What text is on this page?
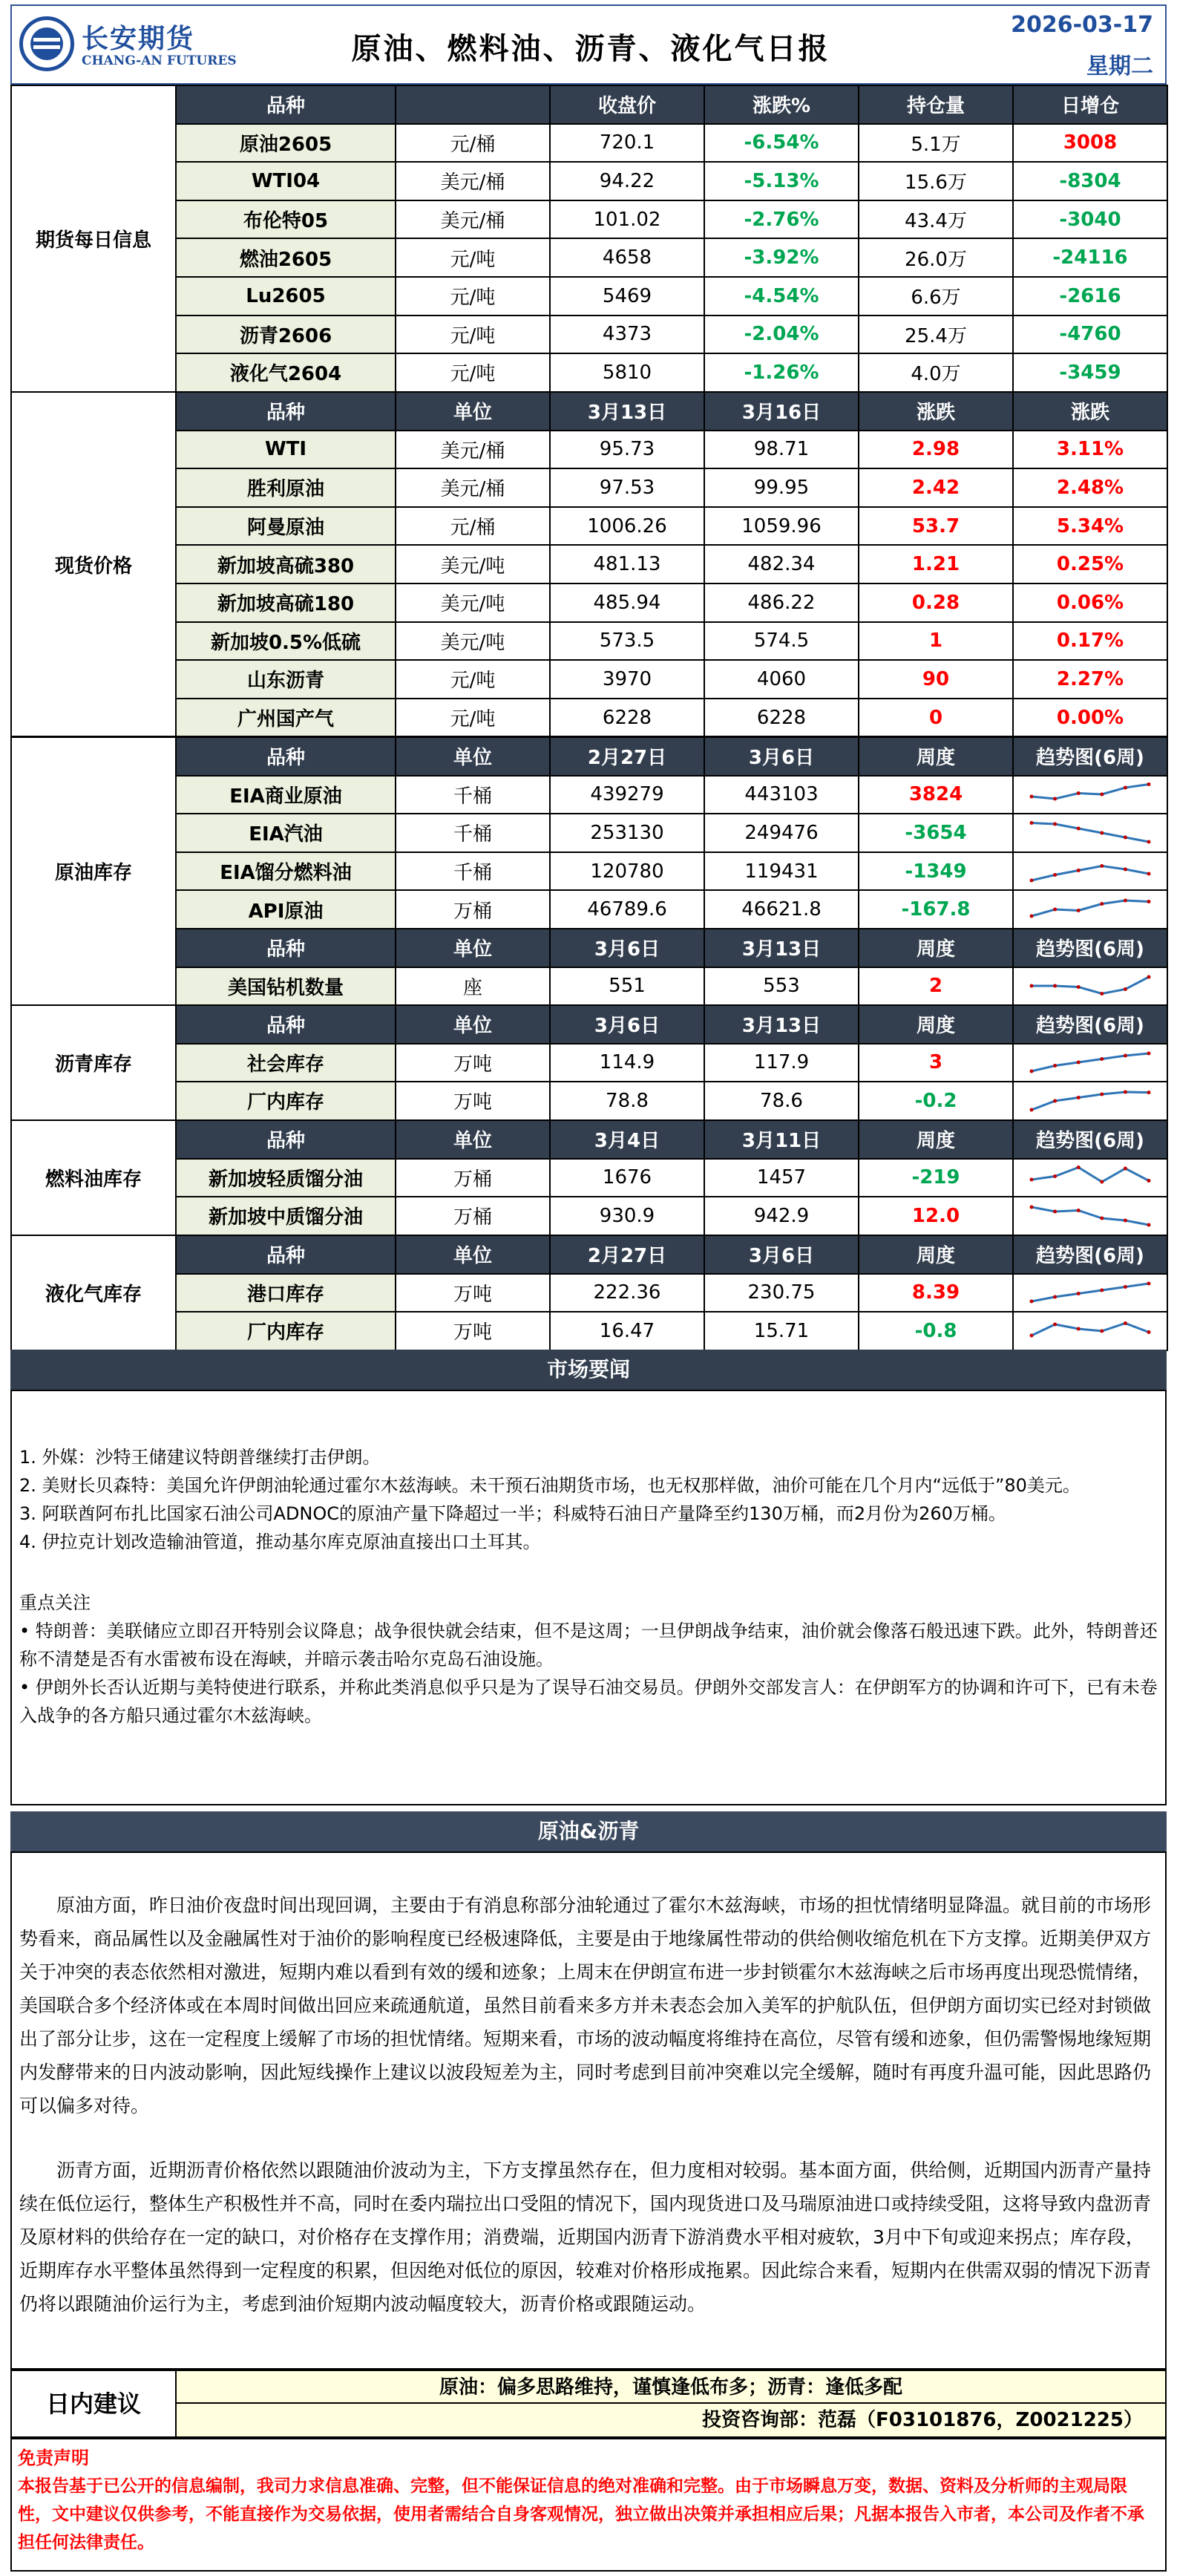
长安期货
CHANG-AN FUTURES	原油、燃料油、沥青、液化气日报
2026-03-17
星期二
期货每日信息	品种		收盘价	涨跌%	持仓量	日增仓
	原油2605	元/桶	720.1	-6.54%	5.1万	3008
	WTI04	美元/桶	94.22	-5.13%	15.6万	-8304
	布伦特05	美元/桶	101.02	-2.76%	43.4万	-3040
	燃油2605	元/吨	4658	-3.92%	26.0万	-24116
	Lu2605	元/吨	5469	-4.54%	6.6万	-2616
	沥青2606	元/吨	4373	-2.04%	25.4万	-4760
	液化气2604	元/吨	5810	-1.26%	4.0万	-3459
现货价格	品种	单位	3月13日	3月16日	涨跌	涨跌
	WTI	美元/桶	95.73	98.71	2.98	3.11%
	胜利原油	美元/桶	97.53	99.95	2.42	2.48%
	阿曼原油	元/桶	1006.26	1059.96	53.7	5.34%
	新加坡高硫380	美元/吨	481.13	482.34	1.21	0.25%
	新加坡高硫180	美元/吨	485.94	486.22	0.28	0.06%
	新加坡0.5%低硫	美元/吨	573.5	574.5	1	0.17%
	山东沥青	元/吨	3970	4060	90	2.27%
	广州国产气	元/吨	6228	6228	0	0.00%
原油库存	品种	单位	2月27日	3月6日	周度	趋势图(6周)
	EIA商业原油	千桶	439279	443103	3824	

	EIA汽油	千桶	253130	249476	-3654	

	EIA馏分燃料油	千桶	120780	119431	-1349	

	API原油	万桶	46789.6	46621.8	-167.8	

	品种	单位	3月6日	3月13日	周度	趋势图(6周)
	美国钻机数量	座	551	553	2	
沥青库存	品种	单位	3月6日	3月13日	周度	趋势图(6周)
	社会库存	万吨	114.9	117.9	3	

	厂内库存	万吨	78.8	78.6	-0.2	
燃料油库存	品种	单位	3月4日	3月11日	周度	趋势图(6周)
	新加坡轻质馏分油	万桶	1676	1457	-219	

	新加坡中质馏分油	万桶	930.9	942.9	12.0	
液化气库存	品种	单位	2月27日	3月6日	周度	趋势图(6周)
	港口库存	万吨	222.36	230.75	8.39	

	厂内库存	万吨	16.47	15.71	-0.8	
市场要闻

1. 外媒：沙特王储建议特朗普继续打击伊朗。

2. 美财长贝森特：美国允许伊朗油轮通过霍尔木兹海峡。未干预石油期货市场，也无权那样做，油价可能在几个月内“远低于”80美元。

3. 阿联酋阿布扎比国家石油公司ADNOC的原油产量下降超过一半；科威特石油日产量降至约130万桶，而2月份为260万桶。

4. 伊拉克计划改造输油管道，推动基尔库克原油直接出口土耳其。

重点关注

• 特朗普：美联储应立即召开特别会议降息；战争很快就会结束，但不是这周；一旦伊朗战争结束，油价就会像落石般迅速下跌。此外，特朗普还称不清楚是否有水雷被布设在海峡，并暗示袭击哈尔克岛石油设施。

• 伊朗外长否认近期与美特使进行联系，并称此类消息似乎只是为了误导石油交易员。伊朗外交部发言人：在伊朗军方的协调和许可下，已有未卷入战争的各方船只通过霍尔木兹海峡。

原油&沥青

原油方面，昨日油价夜盘时间出现回调，主要由于有消息称部分油轮通过了霍尔木兹海峡，市场的担忧情绪明显降温。就目前的市场形势看来，商品属性以及金融属性对于油价的影响程度已经极速降低，主要是由于地缘属性带动的供给侧收缩危机在下方支撑。近期美伊双方关于冲突的表态依然相对激进，短期内难以看到有效的缓和迹象；上周末在伊朗宣布进一步封锁霍尔木兹海峡之后市场再度出现恐慌情绪，美国联合多个经济体或在本周时间做出回应来疏通航道，虽然目前看来多方并未表态会加入美军的护航队伍，但伊朗方面切实已经对封锁做出了部分让步，这在一定程度上缓解了市场的担忧情绪。短期来看，市场的波动幅度将维持在高位，尽管有缓和迹象，但仍需警惕地缘短期内发酵带来的日内波动影响，因此短线操作上建议以波段短差为主，同时考虑到目前冲突难以完全缓解，随时有再度升温可能，因此思路仍可以偏多对待。

沥青方面，近期沥青价格依然以跟随油价波动为主，下方支撑虽然存在，但力度相对较弱。基本面方面，供给侧，近期国内沥青产量持续在低位运行，整体生产积极性并不高，同时在委内瑞拉出口受阻的情况下，国内现货进口及马瑞原油进口或持续受阻，这将导致内盘沥青及原材料的供给存在一定的缺口，对价格存在支撑作用；消费端，近期国内沥青下游消费水平相对疲软，3月中下旬或迎来拐点；库存段，近期库存水平整体虽然得到一定程度的积累，但因绝对低位的原因，较难对价格形成拖累。因此综合来看，短期内在供需双弱的情况下沥青仍将以跟随油价运行为主，考虑到油价短期内波动幅度较大，沥青价格或跟随运动。

日内建议
原油：偏多思路维持，谨慎逢低布多；沥青：逢低多配
投资咨询部：范磊（F03101876，Z0021225）
免责声明
本报告基于已公开的信息编制，我司力求信息准确、完整，但不能保证信息的绝对准确和完整。由于市场瞬息万变，数据、资料及分析师的主观局限性，文中建议仅供参考，不能直接作为交易依据，使用者需结合自身客观情况，独立做出决策并承担相应后果；凡据本报告入市者，本公司及作者不承担任何法律责任。
